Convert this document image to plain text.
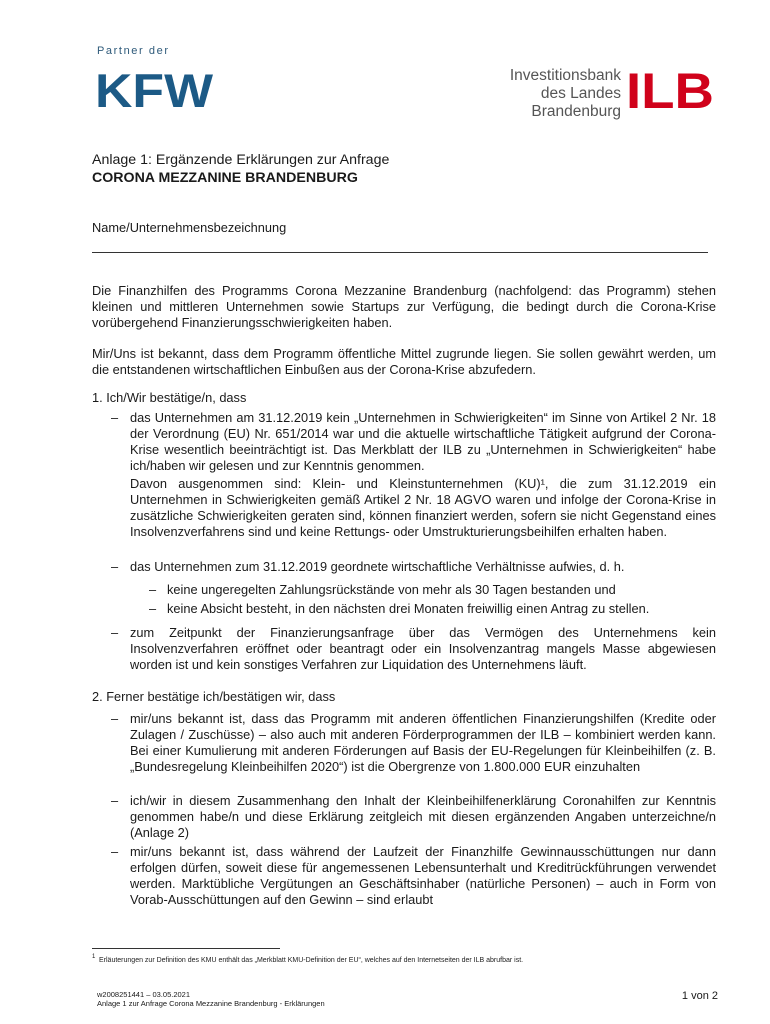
Partner der
KFW	Investitionsbank
des Landes
Brandenburg ILB
Anlage 1: Ergänzende Erklärungen zur Anfrage
CORONA MEZZANINE BRANDENBURG
Name/Unternehmensbezeichnung
Die Finanzhilfen des Programms Corona Mezzanine Brandenburg (nachfolgend: das Programm) stehen kleinen und mittleren Unternehmen sowie Startups zur Verfügung, die bedingt durch die Corona-Krise vorübergehend Finanzierungsschwierigkeiten haben.
Mir/Uns ist bekannt, dass dem Programm öffentliche Mittel zugrunde liegen. Sie sollen gewährt werden, um die entstandenen wirtschaftlichen Einbußen aus der Corona-Krise abzufedern.
1. Ich/Wir bestätige/n, dass
– das Unternehmen am 31.12.2019 kein „Unternehmen in Schwierigkeiten“ im Sinne von Artikel 2 Nr. 18 der Verordnung (EU) Nr. 651/2014 war und die aktuelle wirtschaftliche Tätigkeit aufgrund der Corona-Krise wesentlich beeinträchtigt ist. Das Merkblatt der ILB zu „Unternehmen in Schwierigkeiten“ habe ich/haben wir gelesen und zur Kenntnis genommen.
Davon ausgenommen sind: Klein- und Kleinstunternehmen (KU)¹, die zum 31.12.2019 ein Unternehmen in Schwierigkeiten gemäß Artikel 2 Nr. 18 AGVO waren und infolge der Corona-Krise in zusätzliche Schwierigkeiten geraten sind, können finanziert werden, sofern sie nicht Gegenstand eines Insolvenzverfahrens sind und keine Rettungs- oder Umstrukturierungsbeihilfen erhalten haben.
– das Unternehmen zum 31.12.2019 geordnete wirtschaftliche Verhältnisse aufwies, d. h.
– keine ungeregelten Zahlungsrückstände von mehr als 30 Tagen bestanden und
– keine Absicht besteht, in den nächsten drei Monaten freiwillig einen Antrag zu stellen.
– zum Zeitpunkt der Finanzierungsanfrage über das Vermögen des Unternehmens kein Insolvenzverfahren eröffnet oder beantragt oder ein Insolvenzantrag mangels Masse abgewiesen worden ist und kein sonstiges Verfahren zur Liquidation des Unternehmens läuft.
2. Ferner bestätige ich/bestätigen wir, dass
– mir/uns bekannt ist, dass das Programm mit anderen öffentlichen Finanzierungshilfen (Kredite oder Zulagen / Zuschüsse) – also auch mit anderen Förderprogrammen der ILB – kombiniert werden kann. Bei einer Kumulierung mit anderen Förderungen auf Basis der EU-Regelungen für Kleinbeihilfen (z. B. „Bundesregelung Kleinbeihilfen 2020“) ist die Obergrenze von 1.800.000 EUR einzuhalten
– ich/wir in diesem Zusammenhang den Inhalt der Kleinbeihilfenerklärung Coronahilfen zur Kenntnis genommen habe/n und diese Erklärung zeitgleich mit diesen ergänzenden Angaben unterzeichne/n (Anlage 2)
– mir/uns bekannt ist, dass während der Laufzeit der Finanzhilfe Gewinnausschüttungen nur dann erfolgen dürfen, soweit diese für angemessenen Lebensunterhalt und Kreditrückführungen verwendet werden. Marktübliche Vergütungen an Geschäftsinhaber (natürliche Personen) – auch in Form von Vorab-Ausschüttungen auf den Gewinn – sind erlaubt
1 Erläuterungen zur Definition des KMU enthält das „Merkblatt KMU-Definition der EU“, welches auf den Internetseiten der ILB abrufbar ist.
w2008251441 – 03.05.2021
Anlage 1 zur Anfrage Corona Mezzanine Brandenburg - Erklärungen
1 von 2
